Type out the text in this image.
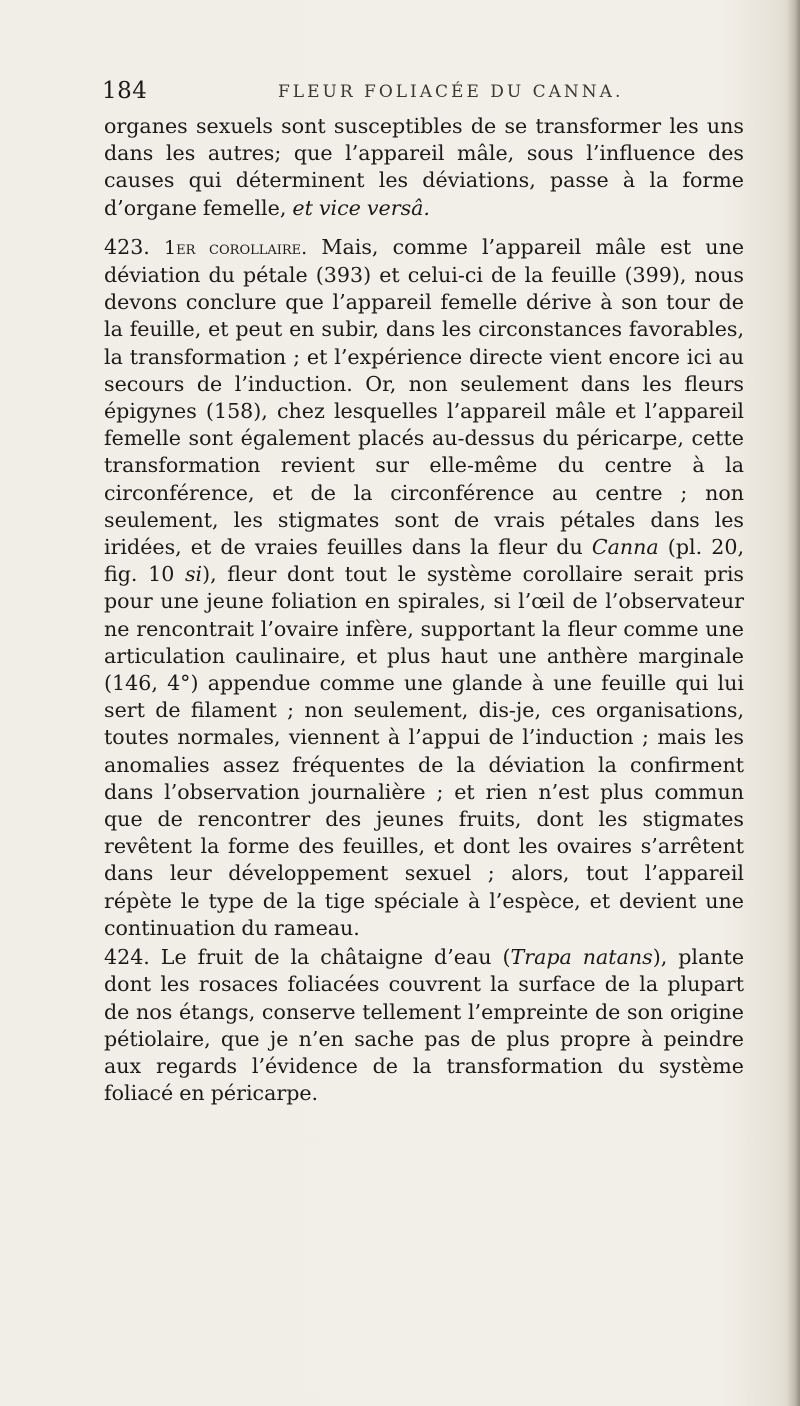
184	FLEUR FOLIACÉE DU CANNA.

organes sexuels sont susceptibles de se transformer les uns dans les autres; que l’appareil mâle, sous l’influence des causes qui déterminent les déviations, passe à la forme d’organe femelle, et vice versâ.

423. 1er corollaire. Mais, comme l’appareil mâle est une déviation du pétale (393) et celui-ci de la feuille (399), nous devons conclure que l’appareil femelle dérive à son tour de la feuille, et peut en subir, dans les circonstances favorables, la transformation ; et l’expérience directe vient encore ici au secours de l’induction. Or, non seulement dans les fleurs épigynes (158), chez lesquelles l’appareil mâle et l’appareil femelle sont également placés au-dessus du péricarpe, cette transformation revient sur elle-même du centre à la circonférence, et de la circonférence au centre ; non seulement, les stigmates sont de vrais pétales dans les iridées, et de vraies feuilles dans la fleur du Canna (pl. 20, fig. 10 si), fleur dont tout le système corollaire serait pris pour une jeune foliation en spirales, si l’œil de l’observateur ne rencontrait l’ovaire infère, supportant la fleur comme une articulation caulinaire, et plus haut une anthère marginale (146, 4°) appendue comme une glande à une feuille qui lui sert de filament ; non seulement, dis-je, ces organisations, toutes normales, viennent à l’appui de l’induction ; mais les anomalies assez fréquentes de la déviation la confirment dans l’observation journalière ; et rien n’est plus commun que de rencontrer des jeunes fruits, dont les stigmates revêtent la forme des feuilles, et dont les ovaires s’arrêtent dans leur développement sexuel ; alors, tout l’appareil répète le type de la tige spéciale à l’espèce, et devient une continuation du rameau.

424. Le fruit de la châtaigne d’eau (Trapa natans), plante dont les rosaces foliacées couvrent la surface de la plupart de nos étangs, conserve tellement l’empreinte de son origine pétiolaire, que je n’en sache pas de plus propre à peindre aux regards l’évidence de la transformation du système foliacé en péricarpe.
